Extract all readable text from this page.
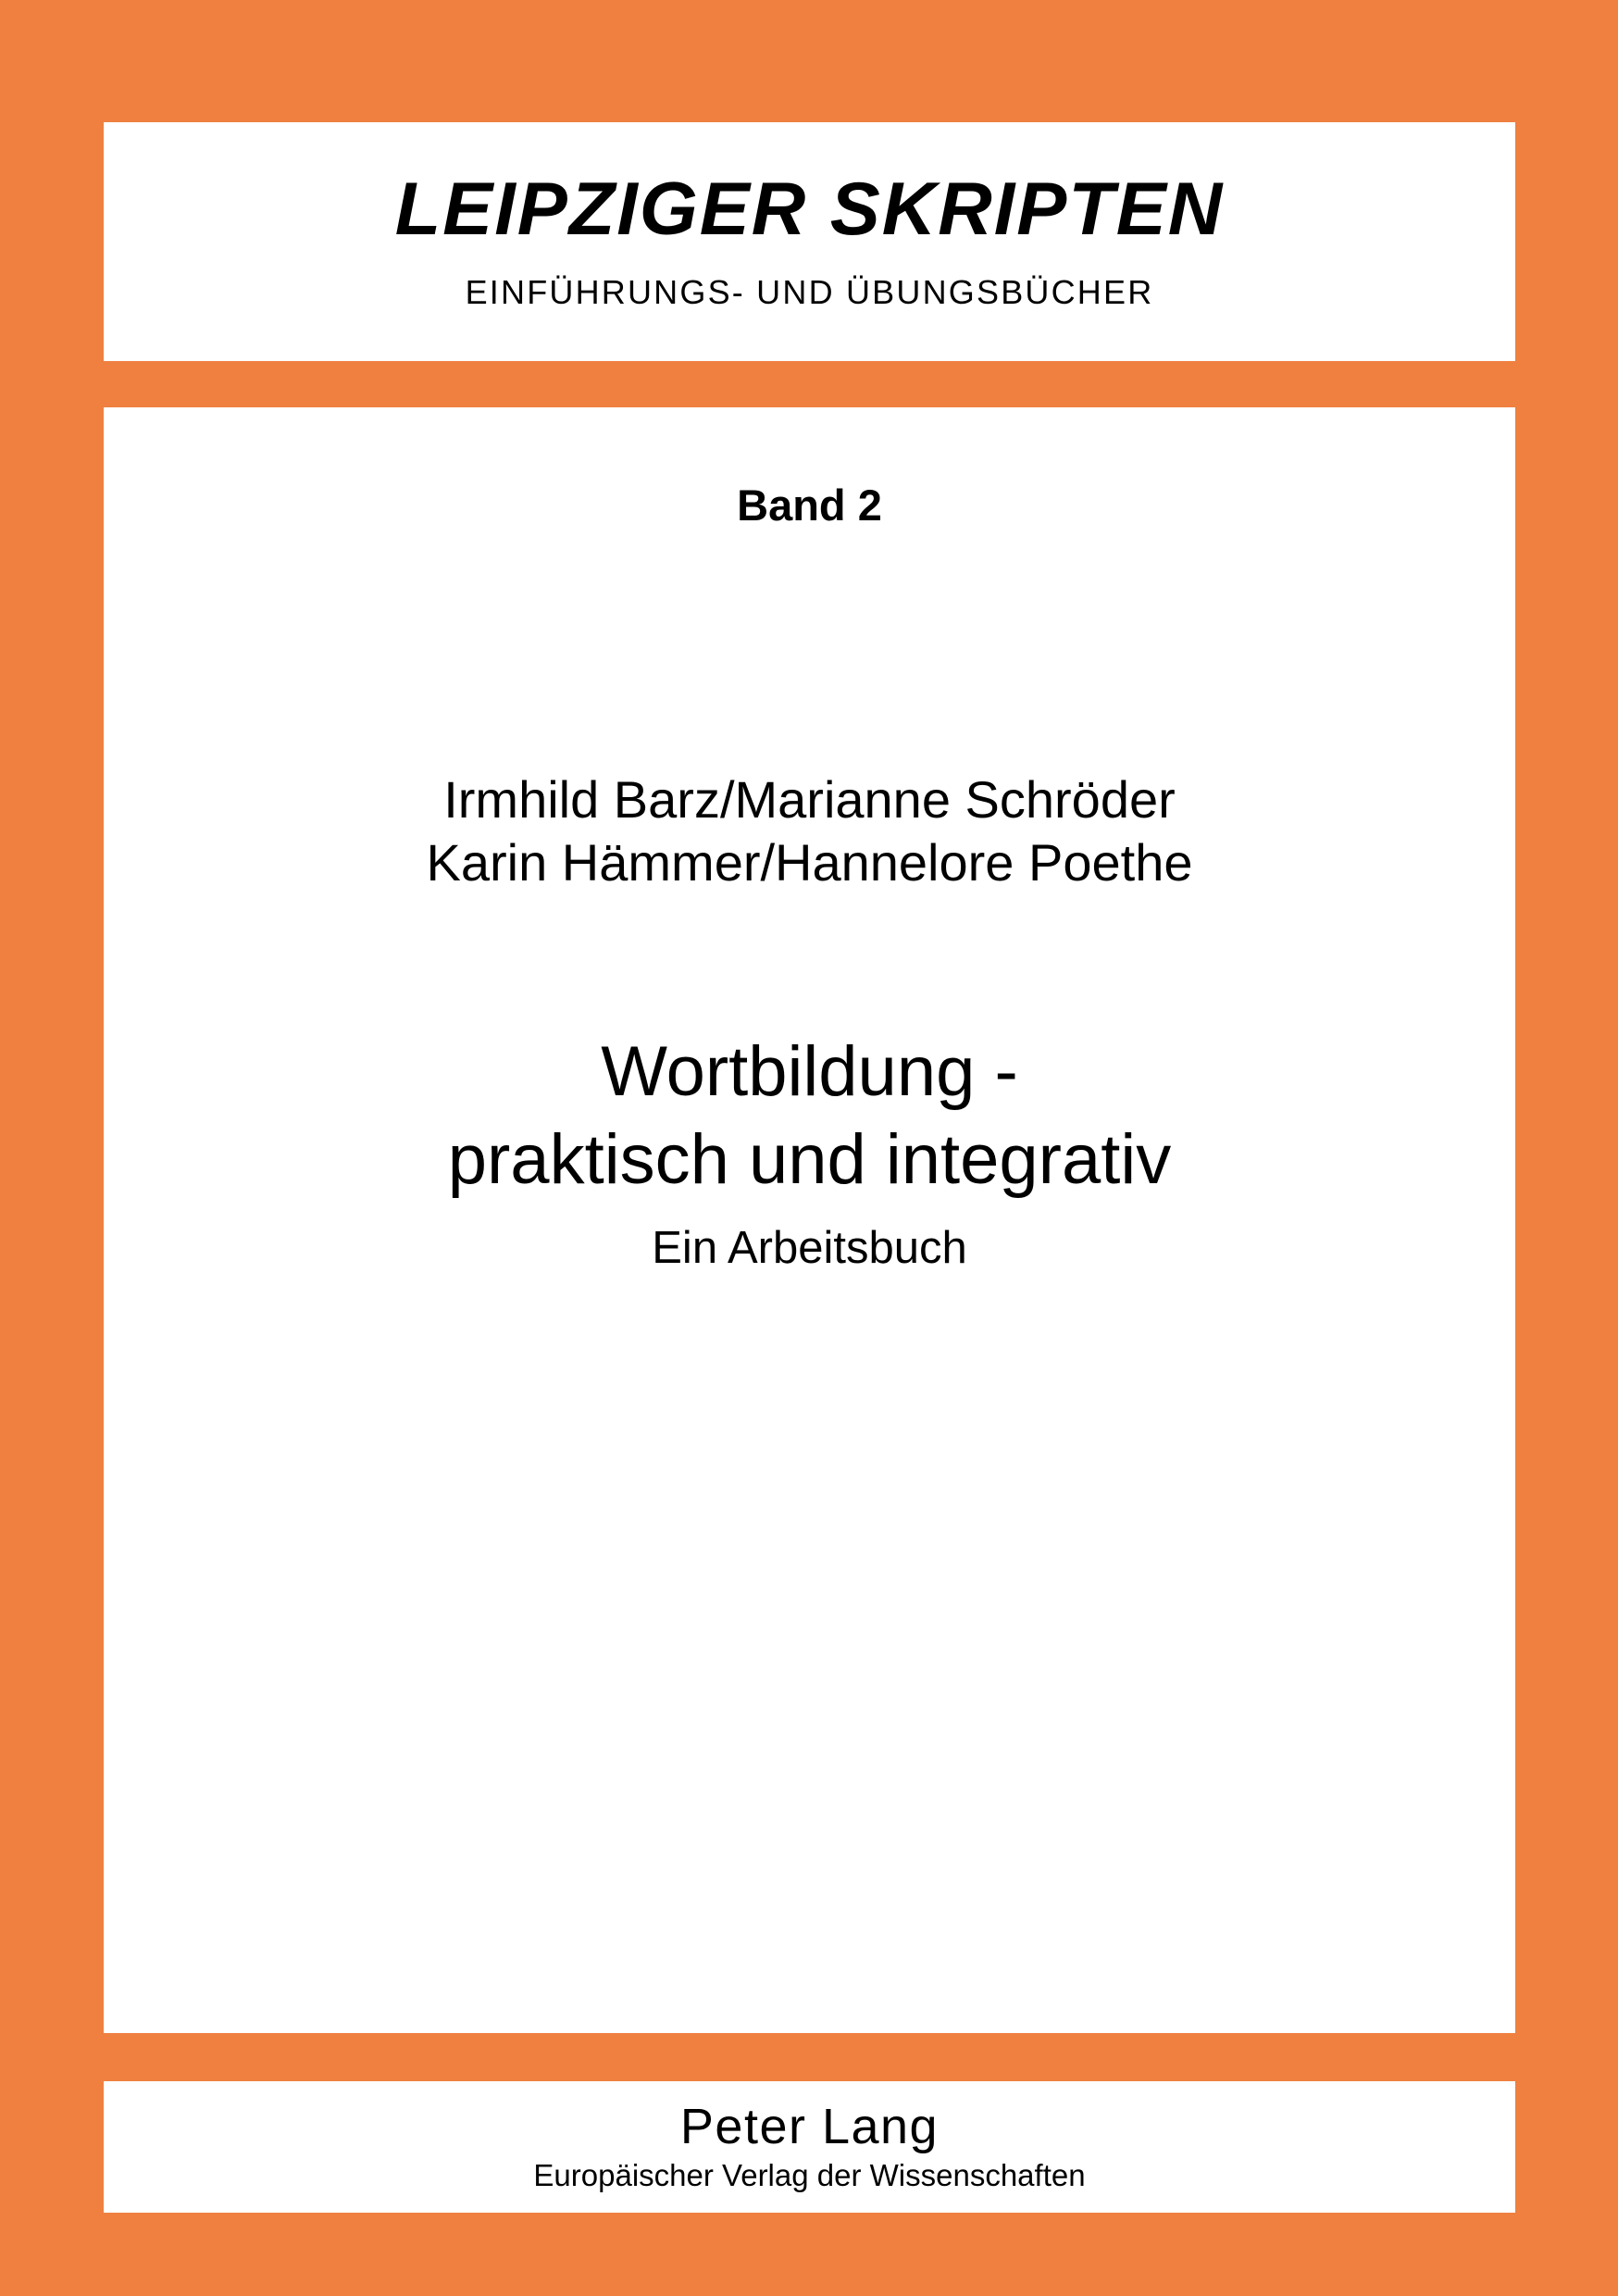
LEIPZIGER SKRIPTEN
EINFÜHRUNGS- UND ÜBUNGSBÜCHER
Band 2
Irmhild Barz/Marianne Schröder
Karin Hämmer/Hannelore Poethe
Wortbildung -
praktisch und integrativ
Ein Arbeitsbuch
Peter Lang
Europäischer Verlag der Wissenschaften
